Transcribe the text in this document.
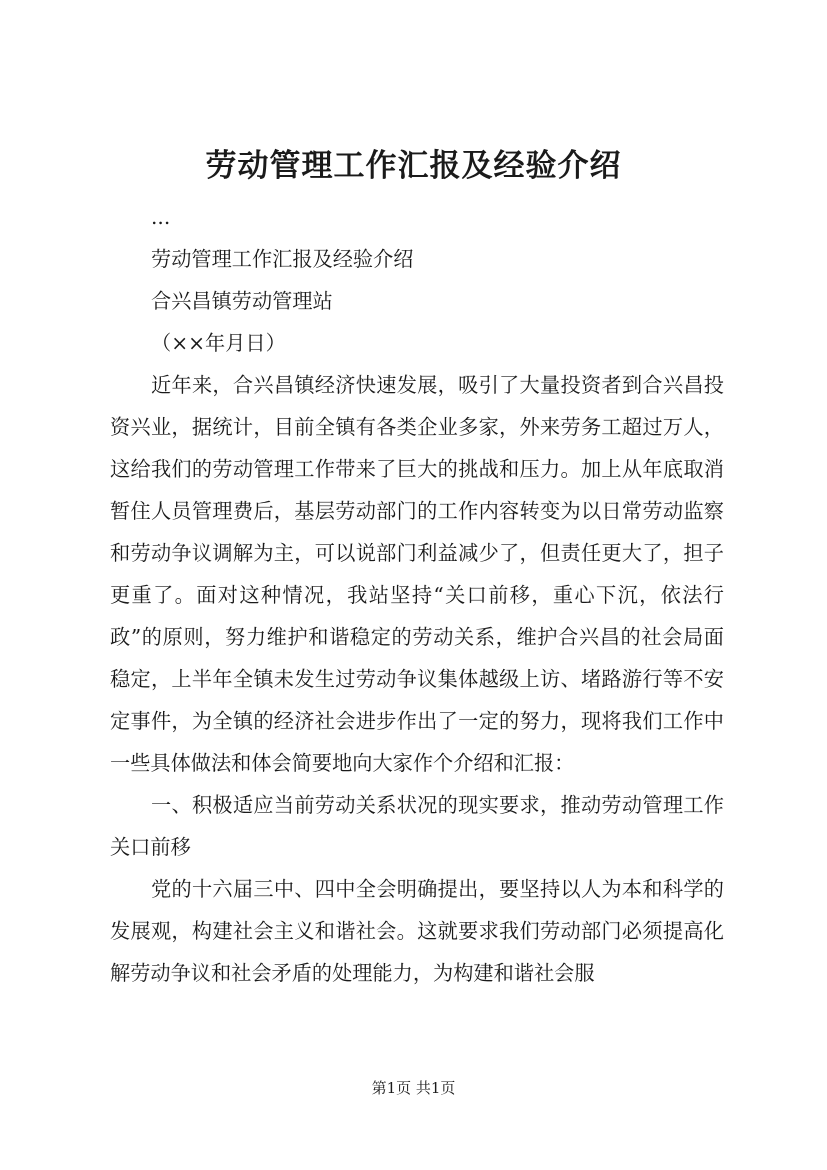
劳动管理工作汇报及经验介绍

...

劳动管理工作汇报及经验介绍

合兴昌镇劳动管理站

（××年月日）

近年来，合兴昌镇经济快速发展，吸引了大量投资者到合兴昌投资兴业，据统计，目前全镇有各类企业多家，外来劳务工超过万人，这给我们的劳动管理工作带来了巨大的挑战和压力。加上从年底取消暂住人员管理费后，基层劳动部门的工作内容转变为以日常劳动监察和劳动争议调解为主，可以说部门利益减少了，但责任更大了，担子更重了。面对这种情况，我站坚持“关口前移，重心下沉，依法行政”的原则，努力维护和谐稳定的劳动关系，维护合兴昌的社会局面稳定，上半年全镇未发生过劳动争议集体越级上访、堵路游行等不安定事件，为全镇的经济社会进步作出了一定的努力，现将我们工作中一些具体做法和体会简要地向大家作个介绍和汇报：

一、积极适应当前劳动关系状况的现实要求，推动劳动管理工作关口前移

党的十六届三中、四中全会明确提出，要坚持以人为本和科学的发展观，构建社会主义和谐社会。这就要求我们劳动部门必须提高化解劳动争议和社会矛盾的处理能力，为构建和谐社会服

第1页 共1页
